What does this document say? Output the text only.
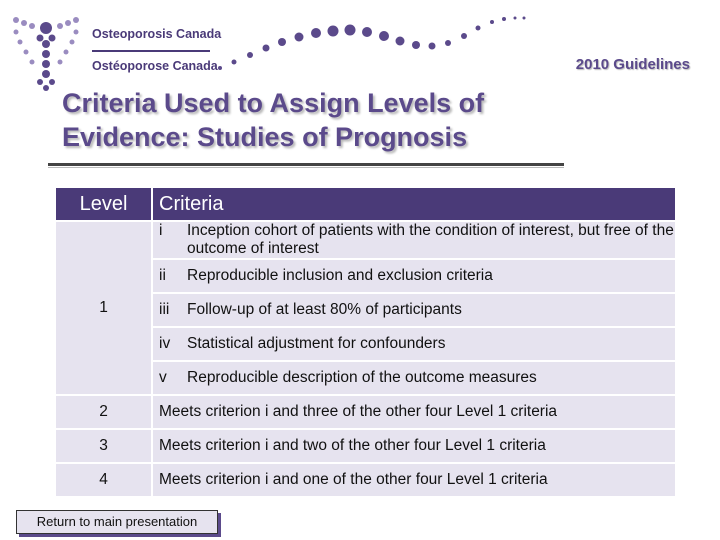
Osteoporosis Canada
Ostéoporose Canada	2010 Guidelines
Criteria Used to Assign Levels of
Evidence: Studies of Prognosis
Level	Criteria
1	i Inception cohort of patients with the condition of interest, but free of the outcome of interest

	ii Reproducible inclusion and exclusion criteria

	iii Follow-up of at least 80% of participants

	iv Statistical adjustment for confounders

	v Reproducible description of the outcome measures

2	Meets criterion i and three of the other four Level 1 criteria
3	Meets criterion i and two of the other four Level 1 criteria
4	Meets criterion i and one of the other four Level 1 criteria
Return to main presentation
